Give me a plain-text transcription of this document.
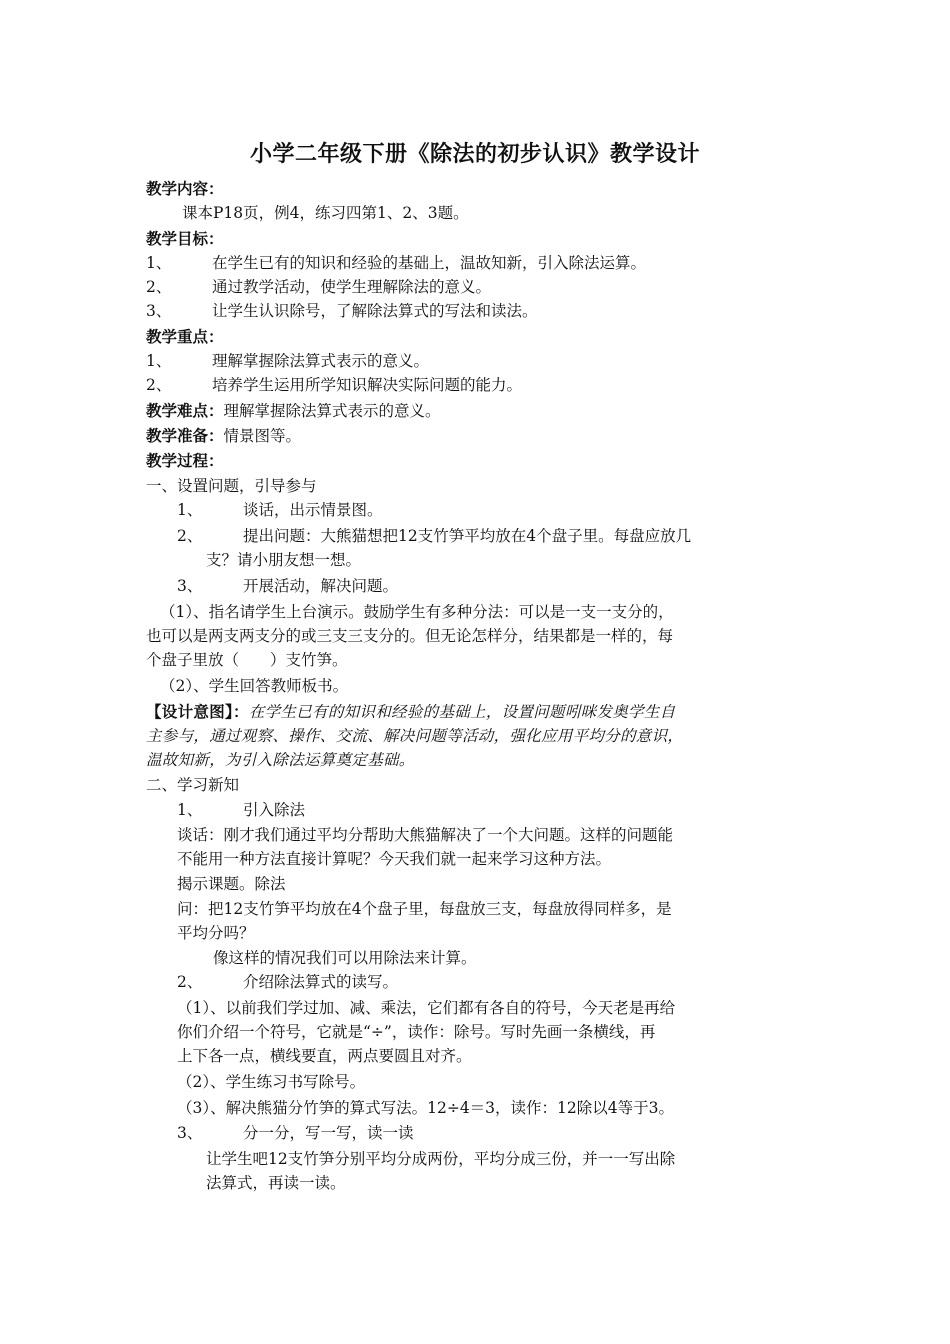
小学二年级下册《除法的初步认识》教学设计
教学内容：
课本P18页，例4，练习四第1、2、3题。
教学目标：
1、	在学生已有的知识和经验的基础上，温故知新，引入除法运算。
2、	通过教学活动，使学生理解除法的意义。
3、	让学生认识除号，了解除法算式的写法和读法。
教学重点：
1、	理解掌握除法算式表示的意义。
2、	培养学生运用所学知识解决实际问题的能力。
教学难点：理解掌握除法算式表示的意义。
教学准备：情景图等。
教学过程：
一、设置问题，引导参与
1、	谈话，出示情景图。
2、	提出问题：大熊猫想把12支竹笋平均放在4个盘子里。每盘应放几
支？请小朋友想一想。
3、	开展活动，解决问题。
（1）、指名请学生上台演示。鼓励学生有多种分法：可以是一支一支分的，
也可以是两支两支分的或三支三支分的。但无论怎样分，结果都是一样的，每
个盘子里放（　　）支竹笋。
（2）、学生回答教师板书。
【设计意图】：在学生已有的知识和经验的基础上，设置问题吲咪发奥学生自
主参与，通过观察、操作、交流、解决问题等活动，强化应用平均分的意识，
温故知新，为引入除法运算奠定基础。
二、学习新知
1、	引入除法
谈话：刚才我们通过平均分帮助大熊猫解决了一个大问题。这样的问题能
不能用一种方法直接计算呢？今天我们就一起来学习这种方法。
揭示课题。除法
问：把12支竹笋平均放在4个盘子里，每盘放三支，每盘放得同样多，是
平均分吗？
像这样的情况我们可以用除法来计算。
2、	介绍除法算式的读写。
（1）、以前我们学过加、减、乘法，它们都有各自的符号，今天老是再给
你们介绍一个符号，它就是“÷”，读作：除号。写时先画一条横线，再
上下各一点，横线要直，两点要圆且对齐。
（2）、学生练习书写除号。
（3）、解决熊猫分竹笋的算式写法。12÷4＝3，读作：12除以4等于3。
3、	分一分，写一写，读一读
让学生吧12支竹笋分别平均分成两份，平均分成三份，并一一写出除
法算式，再读一读。
